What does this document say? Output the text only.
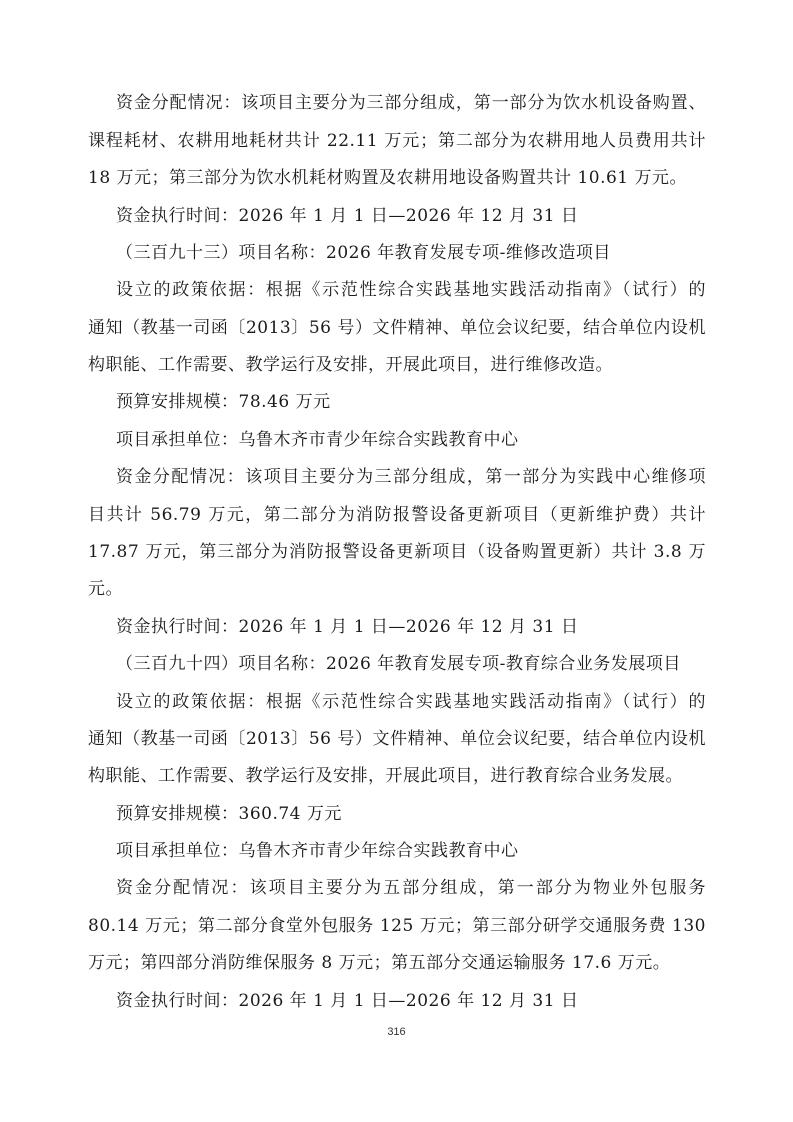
资金分配情况：该项目主要分为三部分组成，第一部分为饮水机设备购置、
课程耗材、农耕用地耗材共计 22.11 万元；第二部分为农耕用地人员费用共计
18 万元；第三部分为饮水机耗材购置及农耕用地设备购置共计 10.61 万元。
资金执行时间：2026 年 1 月 1 日—2026 年 12 月 31 日
（三百九十三）项目名称：2026 年教育发展专项-维修改造项目
设立的政策依据：根据《示范性综合实践基地实践活动指南》（试行）的
通知（教基一司函〔2013〕56 号）文件精神、单位会议纪要，结合单位内设机
构职能、工作需要、教学运行及安排，开展此项目，进行维修改造。
预算安排规模：78.46 万元
项目承担单位：乌鲁木齐市青少年综合实践教育中心
资金分配情况：该项目主要分为三部分组成，第一部分为实践中心维修项
目共计 56.79 万元，第二部分为消防报警设备更新项目（更新维护费）共计
17.87 万元，第三部分为消防报警设备更新项目（设备购置更新）共计 3.8 万
元。
资金执行时间：2026 年 1 月 1 日—2026 年 12 月 31 日
（三百九十四）项目名称：2026 年教育发展专项-教育综合业务发展项目
设立的政策依据：根据《示范性综合实践基地实践活动指南》（试行）的
通知（教基一司函〔2013〕56 号）文件精神、单位会议纪要，结合单位内设机
构职能、工作需要、教学运行及安排，开展此项目，进行教育综合业务发展。
预算安排规模：360.74 万元
项目承担单位：乌鲁木齐市青少年综合实践教育中心
资金分配情况：该项目主要分为五部分组成，第一部分为物业外包服务
80.14 万元；第二部分食堂外包服务 125 万元；第三部分研学交通服务费 130
万元；第四部分消防维保服务 8 万元；第五部分交通运输服务 17.6 万元。
资金执行时间：2026 年 1 月 1 日—2026 年 12 月 31 日
316
